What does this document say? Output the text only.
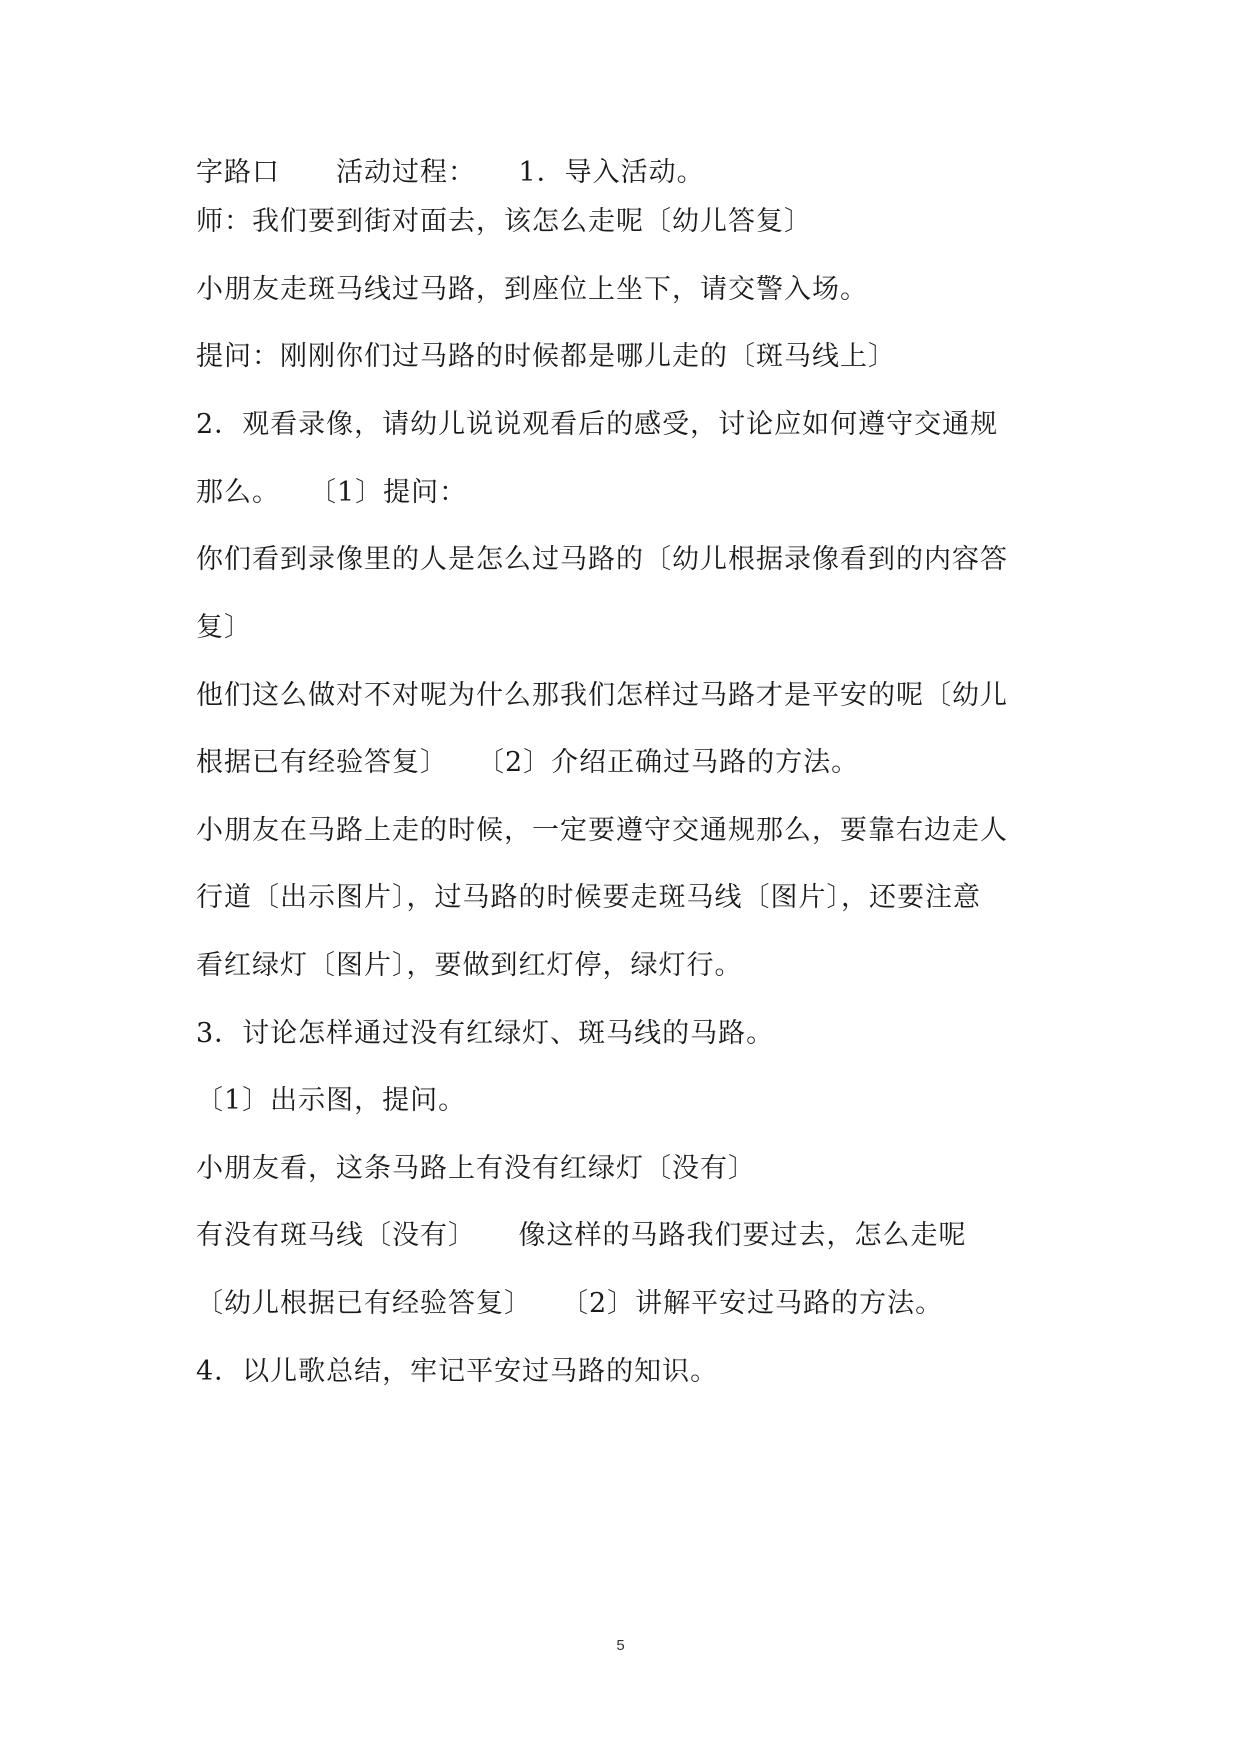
字路口　　活动过程：　　1．导入活动。
师：我们要到街对面去，该怎么走呢〔幼儿答复〕
小朋友走斑马线过马路，到座位上坐下，请交警入场。
提问：刚刚你们过马路的时候都是哪儿走的〔斑马线上〕
2．观看录像，请幼儿说说观看后的感受，讨论应如何遵守交通规
那么。　　〔1〕提问：
你们看到录像里的人是怎么过马路的〔幼儿根据录像看到的内容答
复〕
他们这么做对不对呢为什么那我们怎样过马路才是平安的呢〔幼儿
根据已有经验答复〕　　〔2〕介绍正确过马路的方法。
小朋友在马路上走的时候，一定要遵守交通规那么，要靠右边走人
行道〔出示图片〕，过马路的时候要走斑马线〔图片〕，还要注意
看红绿灯〔图片〕，要做到红灯停，绿灯行。
3．讨论怎样通过没有红绿灯、斑马线的马路。
〔1〕出示图，提问。
小朋友看，这条马路上有没有红绿灯〔没有〕
有没有斑马线〔没有〕　　像这样的马路我们要过去，怎么走呢
〔幼儿根据已有经验答复〕　　〔2〕讲解平安过马路的方法。
4．以儿歌总结，牢记平安过马路的知识。
5
